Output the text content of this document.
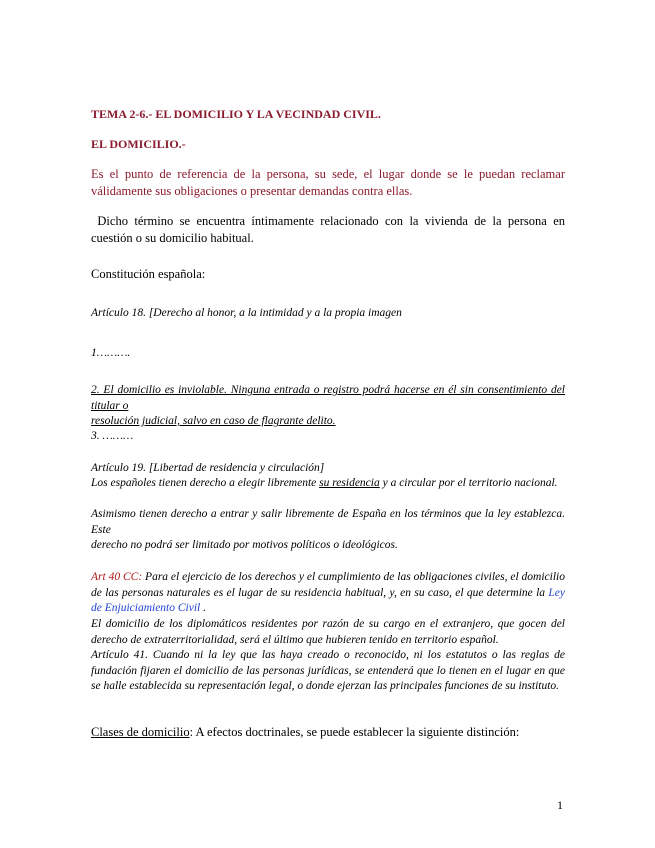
TEMA 2-6.- EL DOMICILIO Y LA VECINDAD CIVIL.
EL DOMICILIO.-
Es el punto de referencia de la persona, su sede, el lugar donde se le puedan reclamar válidamente sus obligaciones o presentar demandas contra ellas.
Dicho término se encuentra íntimamente relacionado con la vivienda de la persona en cuestión o su domicilio habitual.
Constitución española:
Artículo 18. [Derecho al honor, a la intimidad y a la propia imagen
1……….
2. El domicilio es inviolable. Ninguna entrada o registro podrá hacerse en él sin consentimiento del titular o
resolución judicial, salvo en caso de flagrante delito.
3. ………
Artículo 19. [Libertad de residencia y circulación]
Los españoles tienen derecho a elegir libremente su residencia y a circular por el territorio nacional.
Asimismo tienen derecho a entrar y salir libremente de España en los términos que la ley establezca. Este
derecho no podrá ser limitado por motivos políticos o ideológicos.
Art 40 CC: Para el ejercicio de los derechos y el cumplimiento de las obligaciones civiles, el domicilio de las personas naturales es el lugar de su residencia habitual, y, en su caso, el que determine la Ley de Enjuiciamiento Civil .
El domicilio de los diplomáticos residentes por razón de su cargo en el extranjero, que gocen del derecho de extraterritorialidad, será el último que hubieren tenido en territorio español.
Artículo 41. Cuando ni la ley que las haya creado o reconocido, ni los estatutos o las reglas de fundación fijaren el domicilio de las personas jurídicas, se entenderá que lo tienen en el lugar en que se halle establecida su representación legal, o donde ejerzan las principales funciones de su instituto.
Clases de domicilio: A efectos doctrinales, se puede establecer la siguiente distinción:
1
